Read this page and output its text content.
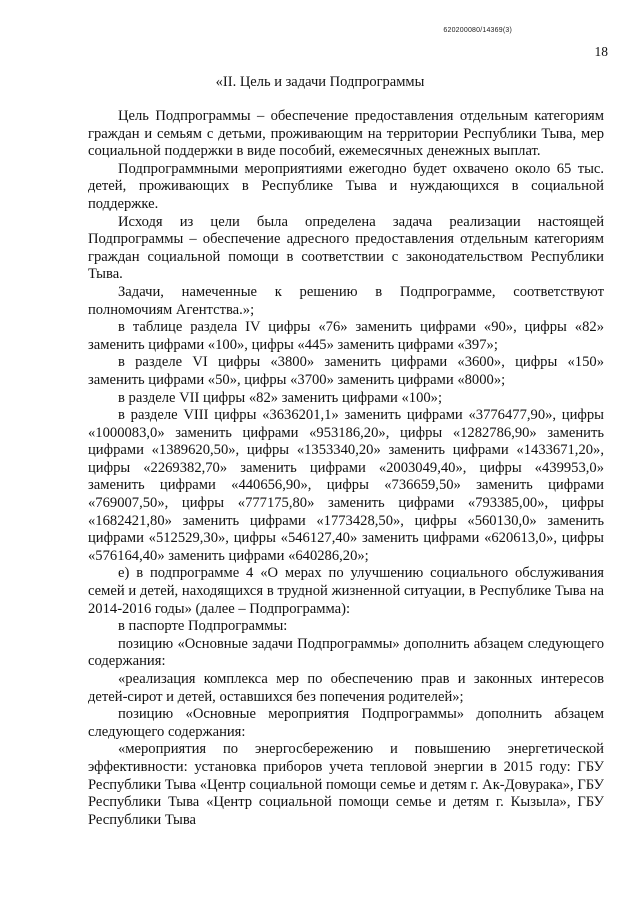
620200080/14369(3)
18
«II. Цель и задачи Подпрограммы

Цель Подпрограммы – обеспечение предоставления отдельным категориям граждан и семьям с детьми, проживающим на территории Республики Тыва, мер социальной поддержки в виде пособий, ежемесячных денежных выплат.

Подпрограммными мероприятиями ежегодно будет охвачено около 65 тыс. детей, проживающих в Республике Тыва и нуждающихся в социальной поддержке.

Исходя из цели была определена задача реализации настоящей Подпрограммы – обеспечение адресного предоставления отдельным категориям граждан социальной помощи в соответствии с законодательством Республики Тыва.

Задачи, намеченные к решению в Подпрограмме, соответствуют полномочиям Агентства.»;

в таблице раздела IV цифры «76» заменить цифрами «90», цифры «82» заменить цифрами «100», цифры «445» заменить цифрами «397»;

в разделе VI цифры «3800» заменить цифрами «3600», цифры «150» заменить цифрами «50», цифры «3700» заменить цифрами «8000»;

в разделе VII цифры «82» заменить цифрами «100»;

в разделе VIII цифры «3636201,1» заменить цифрами «3776477,90», цифры «1000083,0» заменить цифрами «953186,20», цифры «1282786,90» заменить цифрами «1389620,50», цифры «1353340,20» заменить цифрами «1433671,20», цифры «2269382,70» заменить цифрами «2003049,40», цифры «439953,0» заменить цифрами «440656,90», цифры «736659,50» заменить цифрами «769007,50», цифры «777175,80» заменить цифрами «793385,00», цифры «1682421,80» заменить цифрами «1773428,50», цифры «560130,0» заменить цифрами «512529,30», цифры «546127,40» заменить цифрами «620613,0», цифры «576164,40» заменить цифрами «640286,20»;

е) в подпрограмме 4 «О мерах по улучшению социального обслуживания семей и детей, находящихся в трудной жизненной ситуации, в Республике Тыва на 2014-2016 годы» (далее – Подпрограмма):

в паспорте Подпрограммы:

позицию «Основные задачи Подпрограммы» дополнить абзацем следующего содержания:

«реализация комплекса мер по обеспечению прав и законных интересов детей-сирот и детей, оставшихся без попечения родителей»;

позицию «Основные мероприятия Подпрограммы» дополнить абзацем следующего содержания:

«мероприятия по энергосбережению и повышению энергетической эффективности: установка приборов учета тепловой энергии в 2015 году: ГБУ Республики Тыва «Центр социальной помощи семье и детям г. Ак-Довурака», ГБУ Республики Тыва «Центр социальной помощи семье и детям г. Кызыла», ГБУ Республики Тыва
